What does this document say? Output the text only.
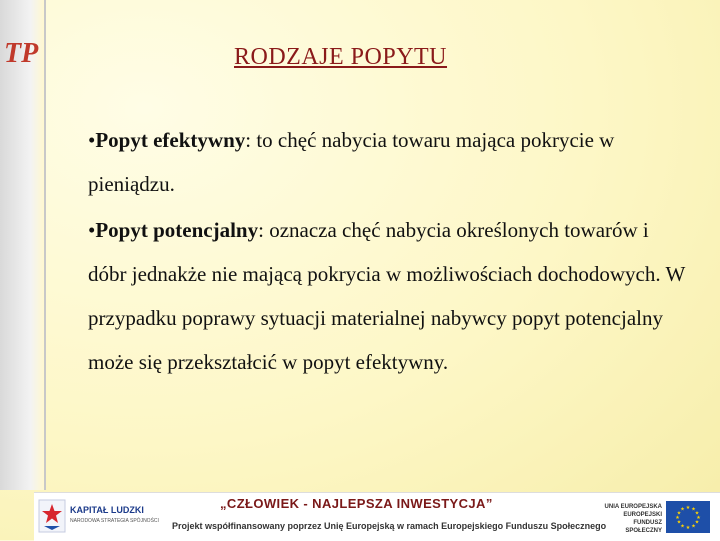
TP	RODZAJE POPYTU

•Popyt efektywny: to chęć nabycia towaru mająca pokrycie w pieniądzu.

•Popyt potencjalny: oznacza chęć nabycia określonych towarów i dóbr jednakże nie mającą pokrycia w możliwościach dochodowych. W przypadku poprawy sytuacji materialnej nabywcy popyt potencjalny może się przekształcić w popyt efektywny.

KAPITAŁ LUDZKI
NARODOWA STRATEGIA SPÓJNOŚCI
„CZŁOWIEK - NAJLEPSZA INWESTYCJA”
Projekt współfinansowany poprzez Unię Europejską w ramach Europejskiego Funduszu Społecznego
UNIA EUROPEJSKA
EUROPEJSKI
FUNDUSZ SPOŁECZNY
★ ★
★
★
★
★
★
★
★
★
★
★
